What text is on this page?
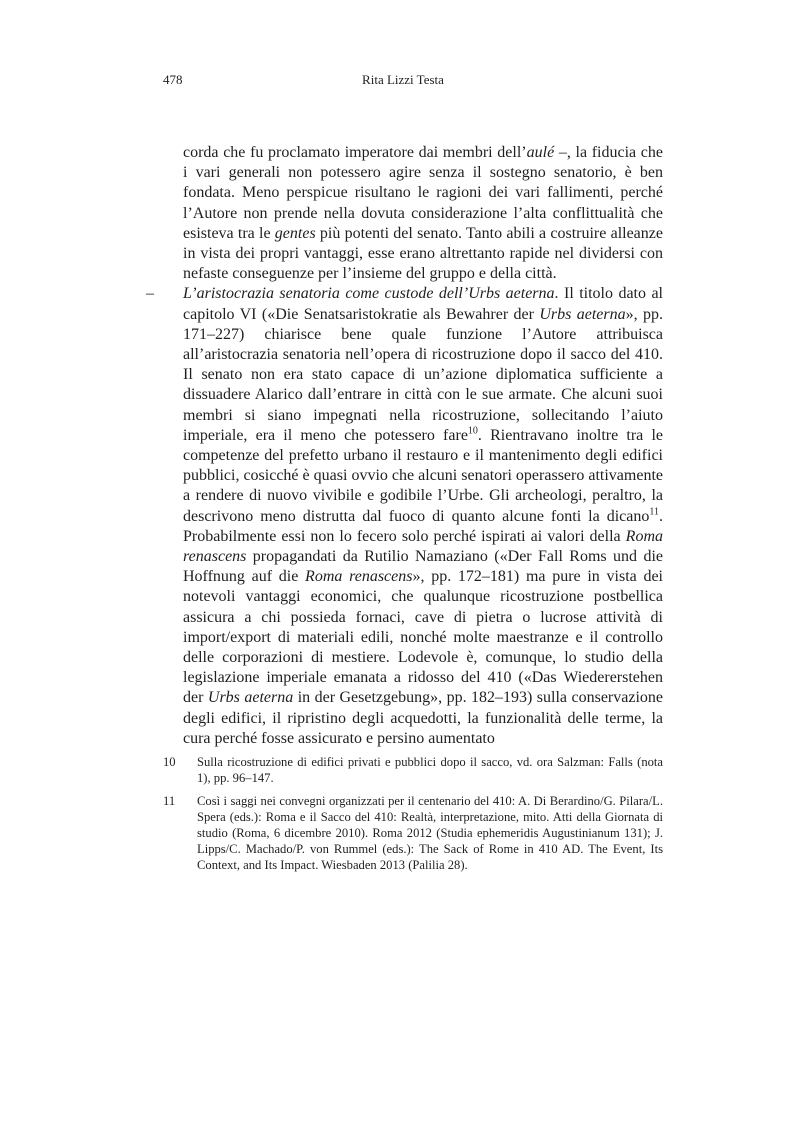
478	Rita Lizzi Testa

corda che fu proclamato imperatore dai membri dell’aulé –, la fiducia che i vari generali non potessero agire senza il sostegno senatorio, è ben fondata. Meno perspicue risultano le ragioni dei vari fallimenti, perché l’Autore non prende nella dovuta considerazione l’alta conflittualità che esisteva tra le gentes più potenti del senato. Tanto abili a costruire alleanze in vista dei propri vantaggi, esse erano altrettanto rapide nel dividersi con nefaste conseguenze per l’insieme del gruppo e della città.

– L’aristocrazia senatoria come custode dell’Urbs aeterna. Il titolo dato al capitolo VI («Die Senatsaristokratie als Bewahrer der Urbs aeterna», pp. 171–227) chiarisce bene quale funzione l’Autore attribuisca all’aristocrazia senatoria nell’opera di ricostruzione dopo il sacco del 410. Il senato non era stato capace di un’azione diplomatica sufficiente a dissuadere Alarico dall’entrare in città con le sue armate. Che alcuni suoi membri si siano impegnati nella ricostruzione, sollecitando l’aiuto imperiale, era il meno che potessero fare$^{10}$. Rientravano inoltre tra le competenze del prefetto urbano il restauro e il mantenimento degli edifici pubblici, cosicché è quasi ovvio che alcuni senatori operassero attivamente a rendere di nuovo vivibile e godibile l’Urbe. Gli archeologi, peraltro, la descrivono meno distrutta dal fuoco di quanto alcune fonti la dicano$^{11}$. Probabilmente essi non lo fecero solo perché ispirati ai valori della Roma renascens propagandati da Rutilio Namaziano («Der Fall Roms und die Hoffnung auf die Roma renascens», pp. 172–181) ma pure in vista dei notevoli vantaggi economici, che qualunque ricostruzione postbellica assicura a chi possieda fornaci, cave di pietra o lucrose attività di import/export di materiali edili, nonché molte maestranze e il controllo delle corporazioni di mestiere. Lodevole è, comunque, lo studio della legislazione imperiale emanata a ridosso del 410 («Das Wiedererstehen der Urbs aeterna in der Gesetzgebung», pp. 182–193) sulla conservazione degli edifici, il ripristino degli acquedotti, la funzionalità delle terme, la cura perché fosse assicurato e persino aumentato

10	Sulla ricostruzione di edifici privati e pubblici dopo il sacco, vd. ora Salzman: Falls (nota 1), pp. 96–147.
11	Così i saggi nei convegni organizzati per il centenario del 410: A. Di Berardino/G. Pilara/L. Spera (eds.): Roma e il Sacco del 410: Realtà, interpretazione, mito. Atti della Giornata di studio (Roma, 6 dicembre 2010). Roma 2012 (Studia ephemeridis Augustinianum 131); J. Lipps/C. Machado/P. von Rummel (eds.): The Sack of Rome in 410 AD. The Event, Its Context, and Its Impact. Wiesbaden 2013 (Palilia 28).
